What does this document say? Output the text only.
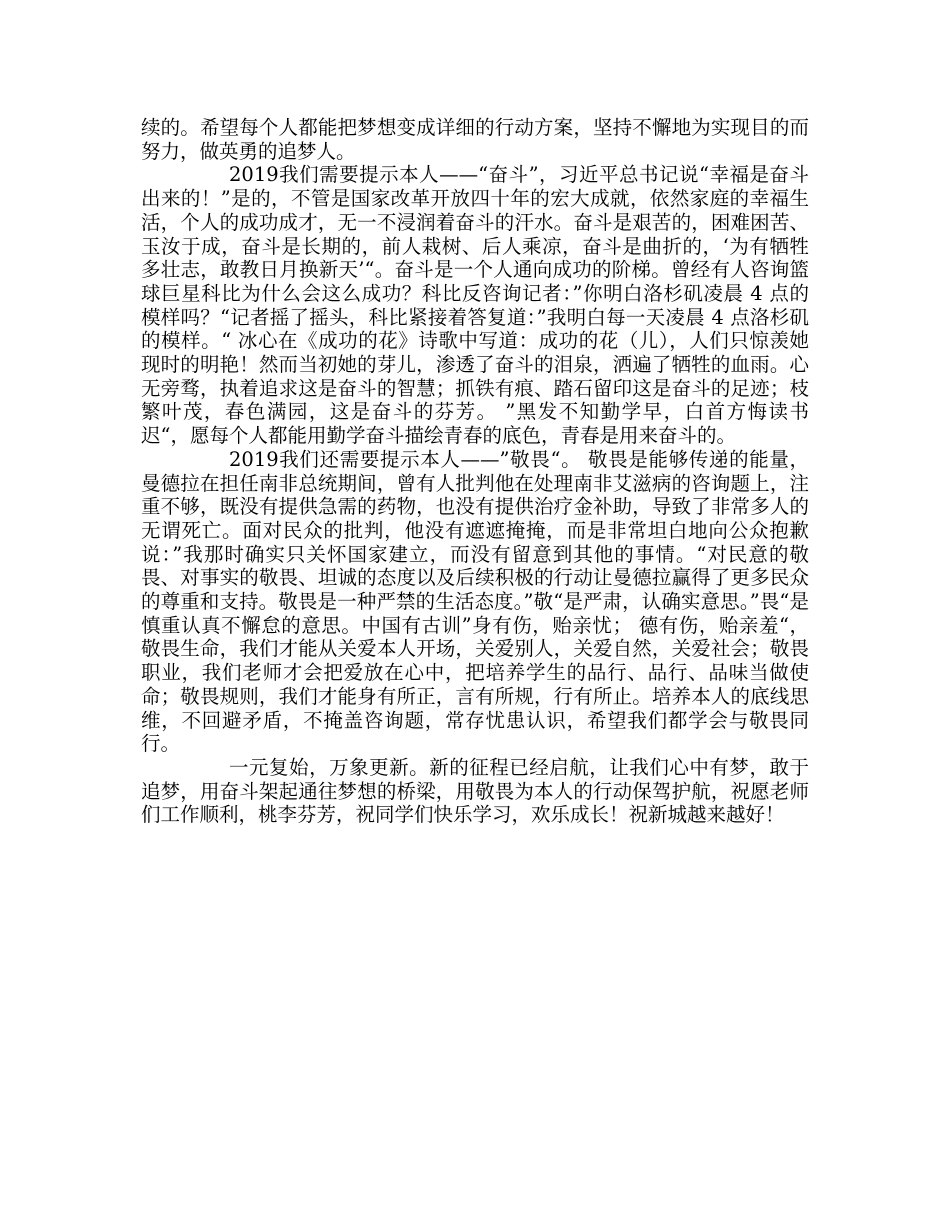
续的。希望每个人都能把梦想变成详细的行动方案，坚持不懈地为实现目的而努力，做英勇的追梦人。

2019我们需要提示本人——“奋斗”，习近平总书记说“幸福是奋斗出来的！”是的，不管是国家改革开放四十年的宏大成就，依然家庭的幸福生活，个人的成功成才，无一不浸润着奋斗的汗水。奋斗是艰苦的，困难困苦、玉汝于成，奋斗是长期的，前人栽树、后人乘凉，奋斗是曲折的，‘为有牺牲多壮志，敢教日月换新天’“。奋斗是一个人通向成功的阶梯。曾经有人咨询篮球巨星科比为什么会这么成功？科比反咨询记者：”你明白洛杉矶凌晨 4 点的模样吗？“记者摇了摇头，科比紧接着答复道：”我明白每一天凌晨 4 点洛杉矶的模样。“ 冰心在《成功的花》诗歌中写道：成功的花（儿），人们只惊羡她现时的明艳！然而当初她的芽儿，渗透了奋斗的泪泉，洒遍了牺牲的血雨。心无旁骛，执着追求这是奋斗的智慧；抓铁有痕、踏石留印这是奋斗的足迹；枝繁叶茂，春色满园，这是奋斗的芬芳。 ”黑发不知勤学早，白首方悔读书迟“，愿每个人都能用勤学奋斗描绘青春的底色，青春是用来奋斗的。

2019我们还需要提示本人——”敬畏“。 敬畏是能够传递的能量，曼德拉在担任南非总统期间，曾有人批判他在处理南非艾滋病的咨询题上，注重不够，既没有提供急需的药物，也没有提供治疗金补助，导致了非常多人的无谓死亡。面对民众的批判，他没有遮遮掩掩，而是非常坦白地向公众抱歉说：”我那时确实只关怀国家建立，而没有留意到其他的事情。“对民意的敬畏、对事实的敬畏、坦诚的态度以及后续积极的行动让曼德拉赢得了更多民众的尊重和支持。敬畏是一种严禁的生活态度。”敬“是严肃，认确实意思。”畏“是慎重认真不懈怠的意思。中国有古训”身有伤，贻亲忧； 德有伤，贻亲羞“，敬畏生命，我们才能从关爱本人开场，关爱别人，关爱自然，关爱社会；敬畏职业，我们老师才会把爱放在心中，把培养学生的品行、品行、品味当做使命；敬畏规则，我们才能身有所正，言有所规，行有所止。培养本人的底线思维，不回避矛盾，不掩盖咨询题，常存忧患认识，希望我们都学会与敬畏同行。

一元复始，万象更新。新的征程已经启航，让我们心中有梦，敢于追梦，用奋斗架起通往梦想的桥梁，用敬畏为本人的行动保驾护航，祝愿老师们工作顺利，桃李芬芳，祝同学们快乐学习，欢乐成长！祝新城越来越好！
